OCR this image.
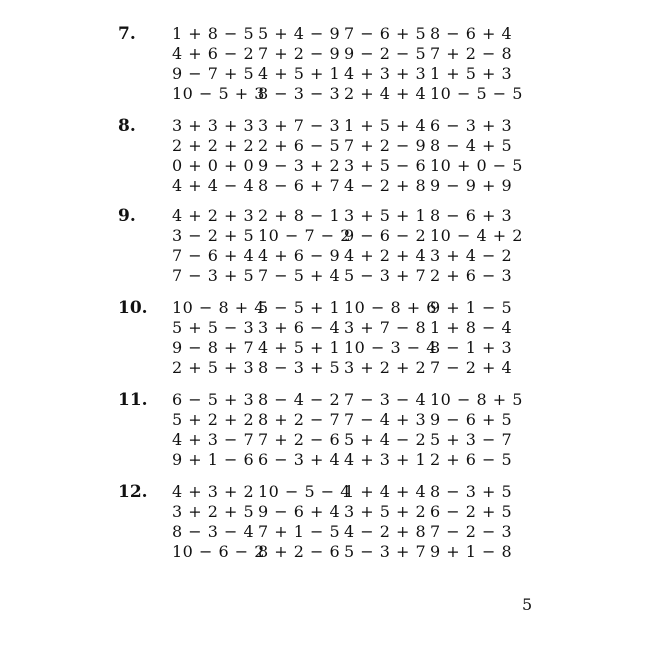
7. 1 + 8 − 5 5 + 4 − 9 7 − 6 + 5 8 − 6 + 4
4 + 6 − 2 7 + 2 − 9 9 − 2 − 5 7 + 2 − 8
9 − 7 + 5 4 + 5 + 1 4 + 3 + 3 1 + 5 + 3
10 − 5 + 38 − 3 − 3 2 + 4 + 4 10 − 5 − 5
8. 3 + 3 + 3 3 + 7 − 3 1 + 5 + 4 6 − 3 + 3
2 + 2 + 2 2 + 6 − 5 7 + 2 − 9 8 − 4 + 5
0 + 0 + 0 9 − 3 + 2 3 + 5 − 6 10 + 0 − 5
4 + 4 − 4 8 − 6 + 7 4 − 2 + 8 9 − 9 + 9
9. 4 + 2 + 3 2 + 8 − 1 3 + 5 + 1 8 − 6 + 3
3 − 2 + 5 10 − 7 − 29 − 6 − 2 10 − 4 + 2
7 − 6 + 4 4 + 6 − 9 4 + 2 + 4 3 + 4 − 2
7 − 3 + 5 7 − 5 + 4 5 − 3 + 7 2 + 6 − 3
10. 10 − 8 + 45 − 5 + 1 10 − 8 + 69 + 1 − 5
5 + 5 − 3 3 + 6 − 4 3 + 7 − 8 1 + 8 − 4
9 − 8 + 7 4 + 5 + 1 10 − 3 − 48 − 1 + 3
2 + 5 + 3 8 − 3 + 5 3 + 2 + 2 7 − 2 + 4
11. 6 − 5 + 3 8 − 4 − 2 7 − 3 − 4 10 − 8 + 5
5 + 2 + 2 8 + 2 − 7 7 − 4 + 3 9 − 6 + 5
4 + 3 − 7 7 + 2 − 6 5 + 4 − 2 5 + 3 − 7
9 + 1 − 6 6 − 3 + 4 4 + 3 + 1 2 + 6 − 5
12. 4 + 3 + 2 10 − 5 − 41 + 4 + 4 8 − 3 + 5
3 + 2 + 5 9 − 6 + 4 3 + 5 + 2 6 − 2 + 5
8 − 3 − 4 7 + 1 − 5 4 − 2 + 8 7 − 2 − 3
10 − 6 − 28 + 2 − 6 5 − 3 + 7 9 + 1 − 8
5
